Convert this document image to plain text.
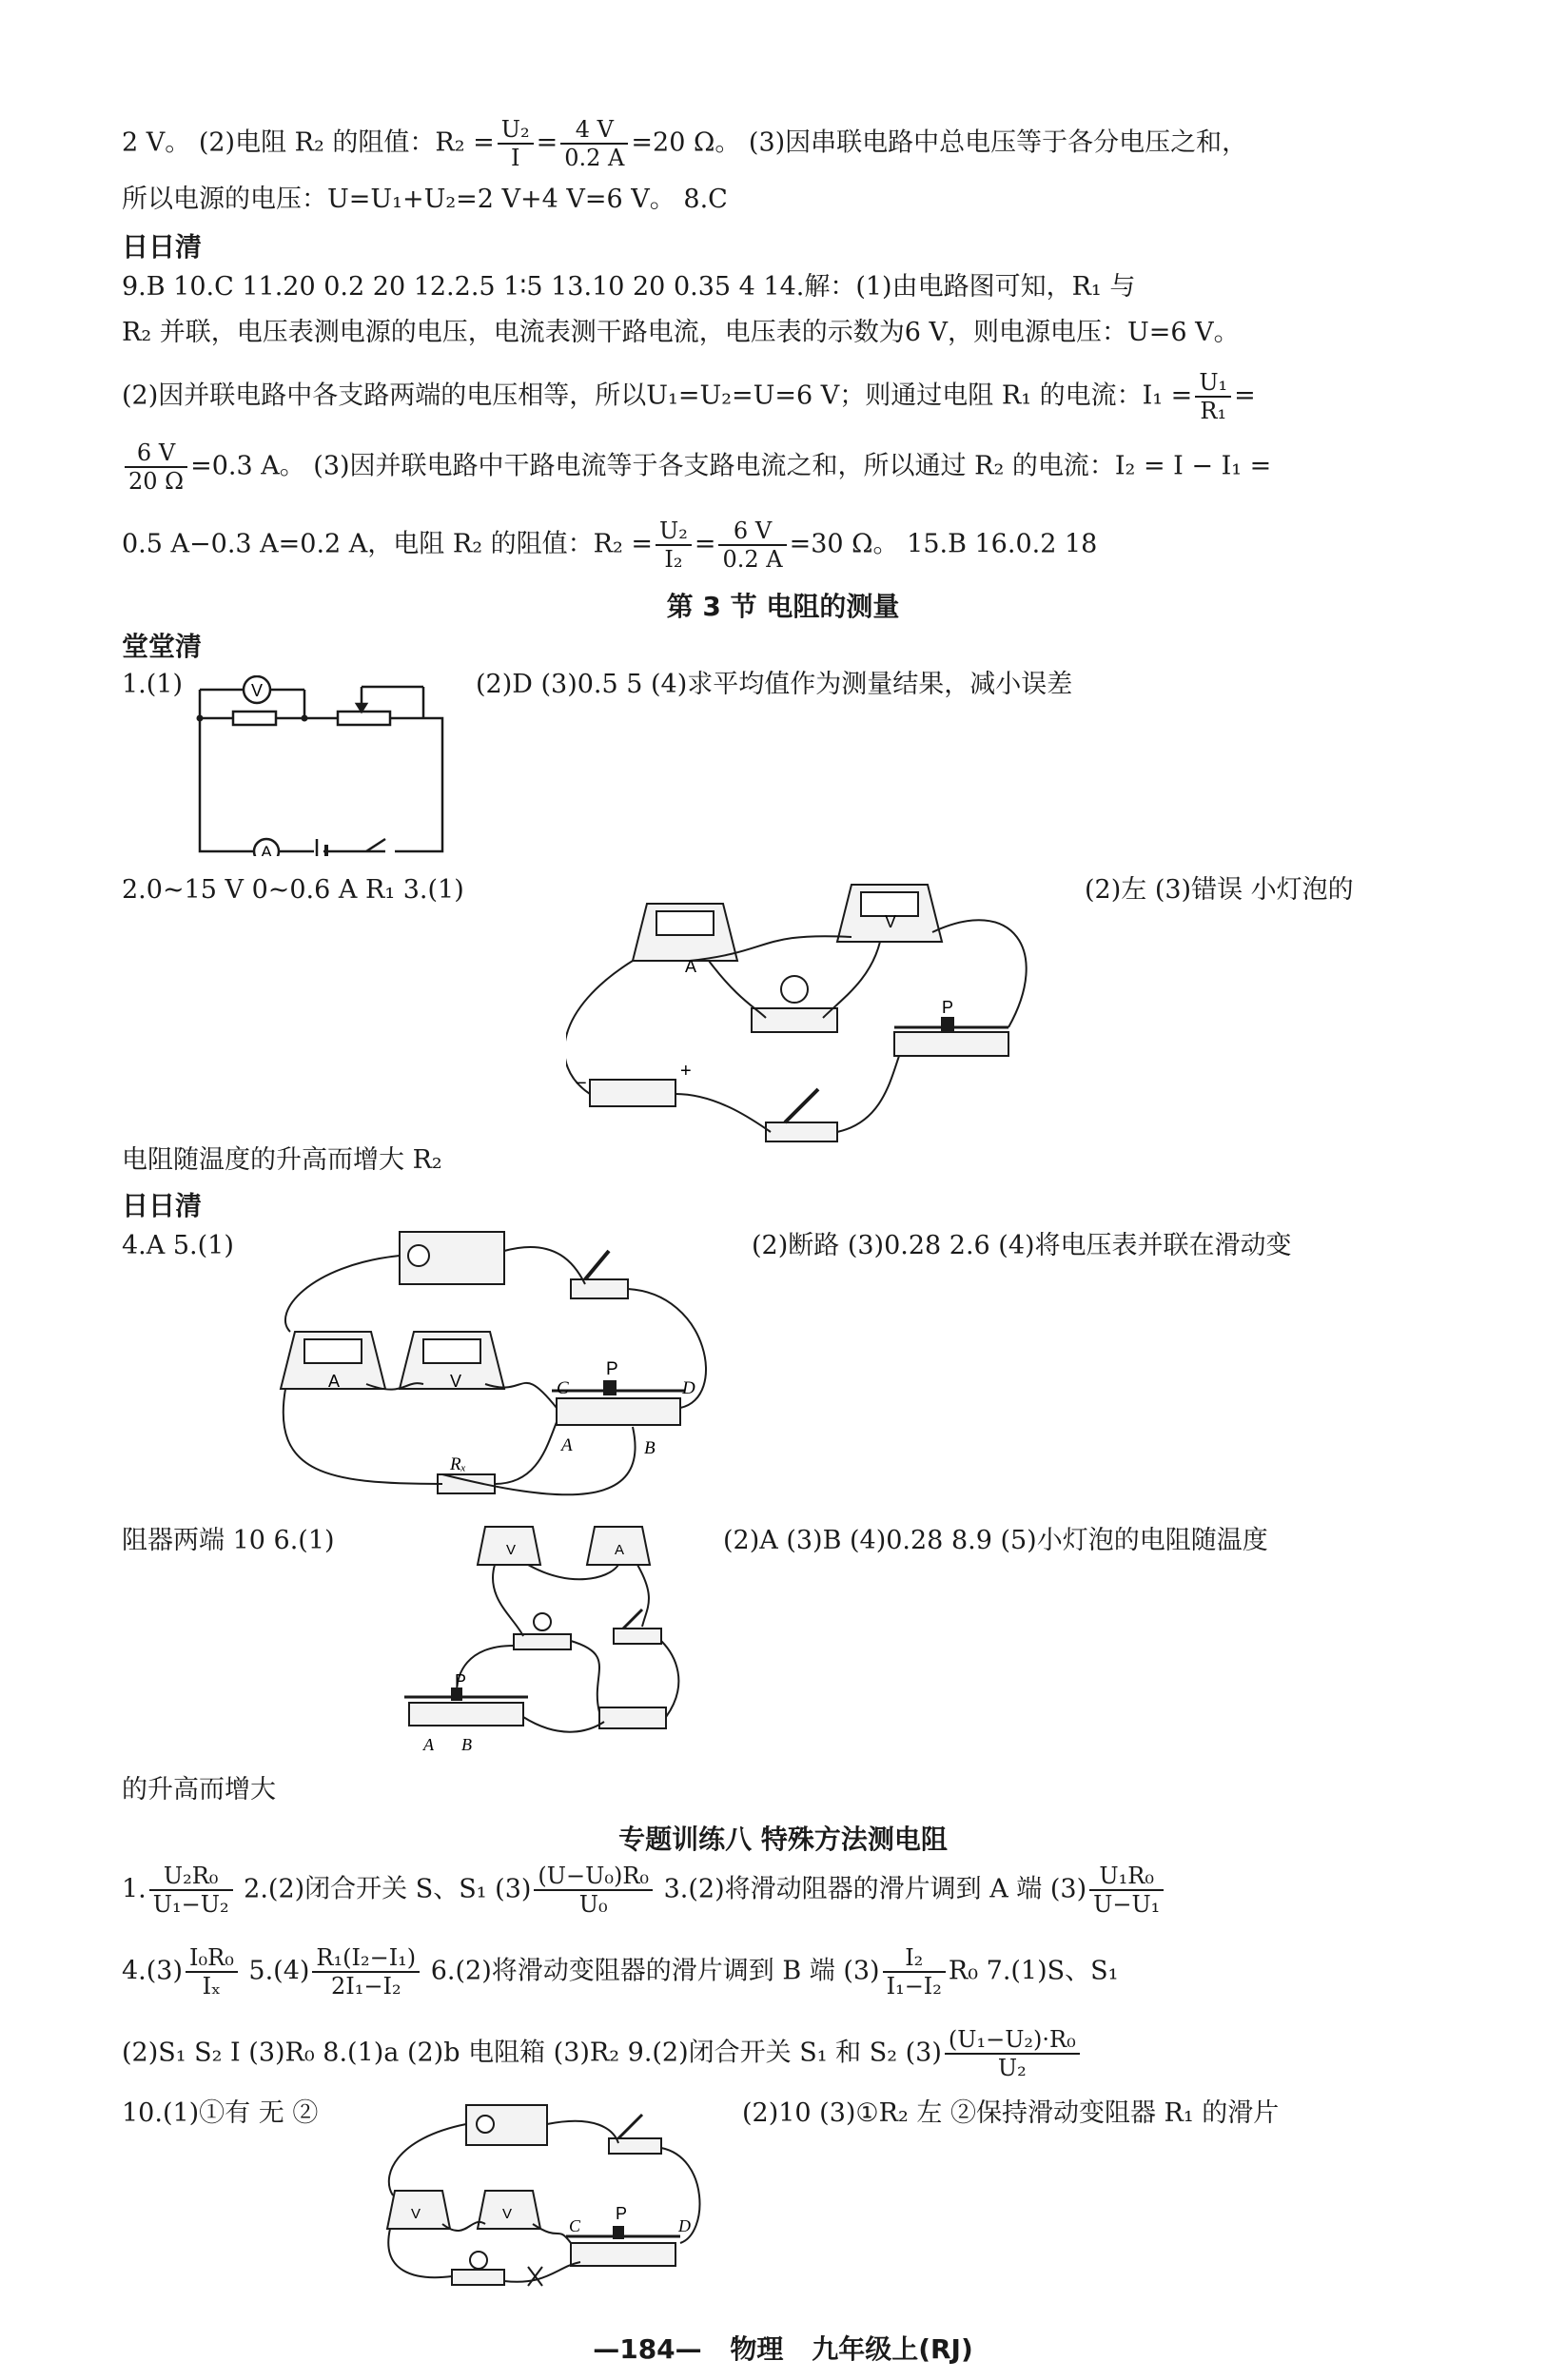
2 V。 (2)电阻 R₂ 的阻值：$R_2 = \frac{\text{U₂}}{I} = \frac{4 V}{0.2 A} =20$ Ω。 (3)因串联电路中总电压等于各分电压之和，
所以电源的电压：U=U₁+U₂=2 V+4 V=6 V。 8.C
日日清
9.B 10.C 11.20 0.2 20 12.2.5 1∶5 13.10 20 0.35 4 14.解：(1)由电路图可知，R₁ 与
R₂ 并联，电压表测电源的电压，电流表测干路电流，电压表的示数为6 V，则电源电压：U=6 V。
(2)因并联电路中各支路两端的电压相等，所以U₁=U₂=U=6 V；则通过电阻 R₁ 的电流：$I_1 = \frac{\text{U₁}}{\text{R₁}}$ =
$\frac{6 V}{20 \Omega} =0.3$ A。 (3)因并联电路中干路电流等于各支路电流之和，所以通过 R₂ 的电流：I₂ = I − I₁ =
0.5 A−0.3 A=0.2 A，电阻 R₂ 的阻值：$R_2 = \frac{\text{U₂}}{\text{I₂}} = \frac{6 V}{0.2 A} =30$ Ω。 15.B 16.0.2 18
第 3 节 电阻的测量
堂堂清
1.(1)	V
A
(2)D (3)0.5 5 (4)求平均值作为测量结果，减小误差
2.0~15 V 0~0.6 A R₁ 3.(1)
A
V
P
−
+
(2)左 (3)错误 小灯泡的
电阻随温度的升高而增大 R₂
日日清
4.A 5.(1)
A	V	C
P
D
A	B
Rₓ
(2)断路 (3)0.28 2.6 (4)将电压表并联在滑动变
阻器两端 10 6.(1)
P
A B
V	A	(2)A (3)B (4)0.28 8.9 (5)小灯泡的电阻随温度
的升高而增大
专题训练八 特殊方法测电阻
1. $\frac{\text{U₂R₀}}{\text{U₁−U₂}} 2.(2)$闭合开关 S、S₁ $(3) \frac{\text{(U−U₀)R₀}}{\text{U₀}} 3.(2)$将滑动阻器的滑片调到 A 端 $(3) \frac{\text{U₁R₀}}{\text{U−U₁}}$
$4.(3) \frac{\text{I₀R₀}}{\text{Iₓ}} 5.(4) \frac{\text{R₁(I₂−I₁)}}{\text{2I₁−I₂}} 6.(2)$将滑动变阻器的滑片调到 B 端 $(3) \frac{\text{I₂}}{\text{I₁−I₂}} R_0$ 7.(1)S、S₁
(2)S₁ S₂ I (3)R₀ 8.(1)a (2)b 电阻箱 (3)R₂ 9.(2)闭合开关 S₁ 和 S₂ $(3) \frac{\text{(U₁−U₂)·R₀}}{\text{U₂}}$
10.(1)①有 无 ②
C
P
D
V	V
(2)10 (3)①R₂ 左 ②保持滑动变阻器 R₁ 的滑片
—184— 物理 九年级上(RJ)
